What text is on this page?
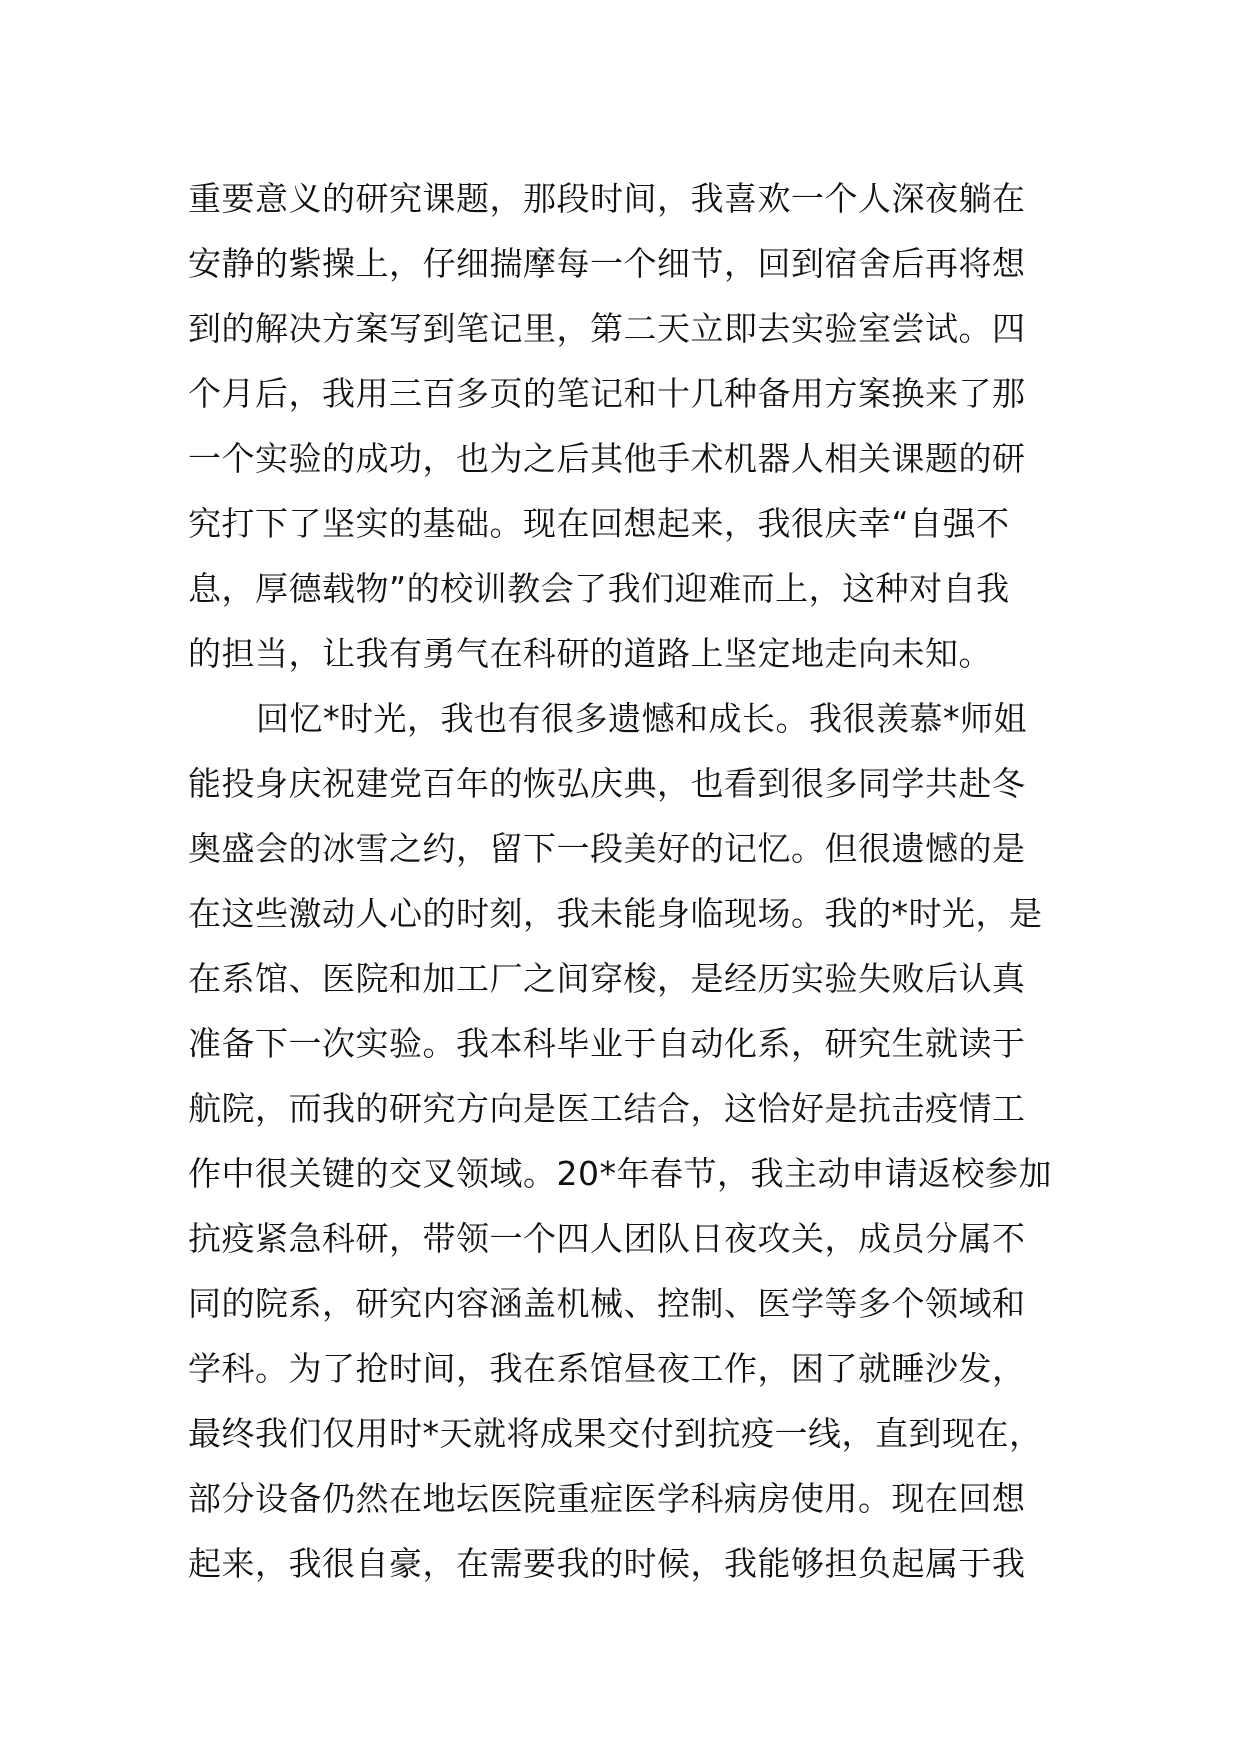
重要意义的研究课题，那段时间，我喜欢一个人深夜躺在
安静的紫操上，仔细揣摩每一个细节，回到宿舍后再将想
到的解决方案写到笔记里，第二天立即去实验室尝试。四
个月后，我用三百多页的笔记和十几种备用方案换来了那
一个实验的成功，也为之后其他手术机器人相关课题的研
究打下了坚实的基础。现在回想起来，我很庆幸“自强不
息，厚德载物”的校训教会了我们迎难而上，这种对自我
的担当，让我有勇气在科研的道路上坚定地走向未知。
回忆*时光，我也有很多遗憾和成长。我很羡慕*师姐
能投身庆祝建党百年的恢弘庆典，也看到很多同学共赴冬
奥盛会的冰雪之约，留下一段美好的记忆。但很遗憾的是
在这些激动人心的时刻，我未能身临现场。我的*时光，是
在系馆、医院和加工厂之间穿梭，是经历实验失败后认真
准备下一次实验。我本科毕业于自动化系，研究生就读于
航院，而我的研究方向是医工结合，这恰好是抗击疫情工
作中很关键的交叉领域。20*年春节，我主动申请返校参加
抗疫紧急科研，带领一个四人团队日夜攻关，成员分属不
同的院系，研究内容涵盖机械、控制、医学等多个领域和
学科。为了抢时间，我在系馆昼夜工作，困了就睡沙发，
最终我们仅用时*天就将成果交付到抗疫一线，直到现在，
部分设备仍然在地坛医院重症医学科病房使用。现在回想
起来，我很自豪，在需要我的时候，我能够担负起属于我
